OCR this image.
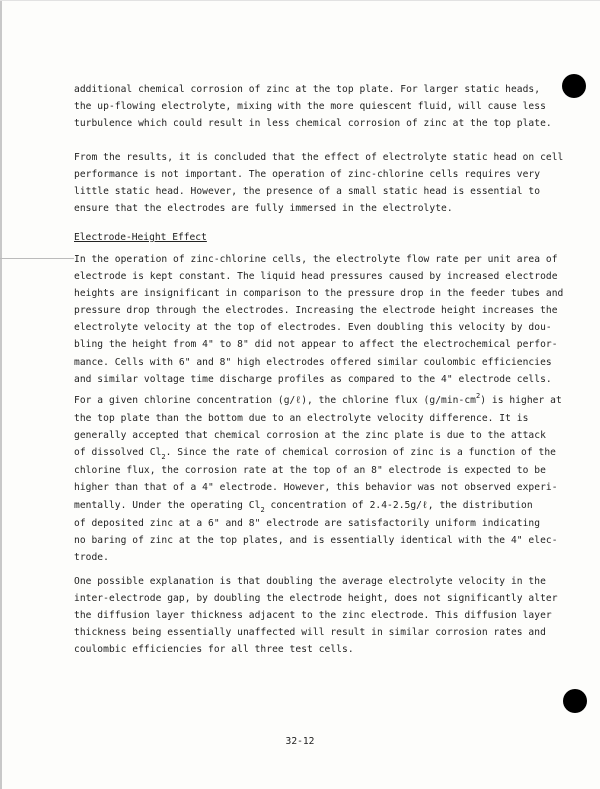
additional chemical corrosion of zinc at the top plate. For larger static heads,
the up-flowing electrolyte, mixing with the more quiescent fluid, will cause less
turbulence which could result in less chemical corrosion of zinc at the top plate.

From the results, it is concluded that the effect of electrolyte static head on cell
performance is not important. The operation of zinc-chlorine cells requires very
little static head. However, the presence of a small static head is essential to
ensure that the electrodes are fully immersed in the electrolyte.

Electrode-Height Effect

In the operation of zinc-chlorine cells, the electrolyte flow rate per unit area of
electrode is kept constant. The liquid head pressures caused by increased electrode
heights are insignificant in comparison to the pressure drop in the feeder tubes and
pressure drop through the electrodes. Increasing the electrode height increases the
electrolyte velocity at the top of electrodes. Even doubling this velocity by dou-
bling the height from 4" to 8" did not appear to affect the electrochemical perfor-
mance. Cells with 6" and 8" high electrodes offered similar coulombic efficiencies
and similar voltage time discharge profiles as compared to the 4" electrode cells.

For a given chlorine concentration (g/ℓ), the chlorine flux $(g/\min-cm^2)$ is higher at
the top plate than the bottom due to an electrolyte velocity difference. It is
generally accepted that chemical corrosion at the zinc plate is due to the attack
of dissolved $Cl_2$. Since the rate of chemical corrosion of zinc is a function of the
chlorine flux, the corrosion rate at the top of an 8" electrode is expected to be
higher than that of a 4" electrode. However, this behavior was not observed experi-
mentally. Under the operating $Cl_2$ concentration of 2.4-2.5g/ℓ, the distribution
of deposited zinc at a 6" and 8" electrode are satisfactorily uniform indicating
no baring of zinc at the top plates, and is essentially identical with the 4" elec-
trode.

One possible explanation is that doubling the average electrolyte velocity in the
inter-electrode gap, by doubling the electrode height, does not significantly alter
the diffusion layer thickness adjacent to the zinc electrode. This diffusion layer
thickness being essentially unaffected will result in similar corrosion rates and
coulombic efficiencies for all three test cells.

32-12
